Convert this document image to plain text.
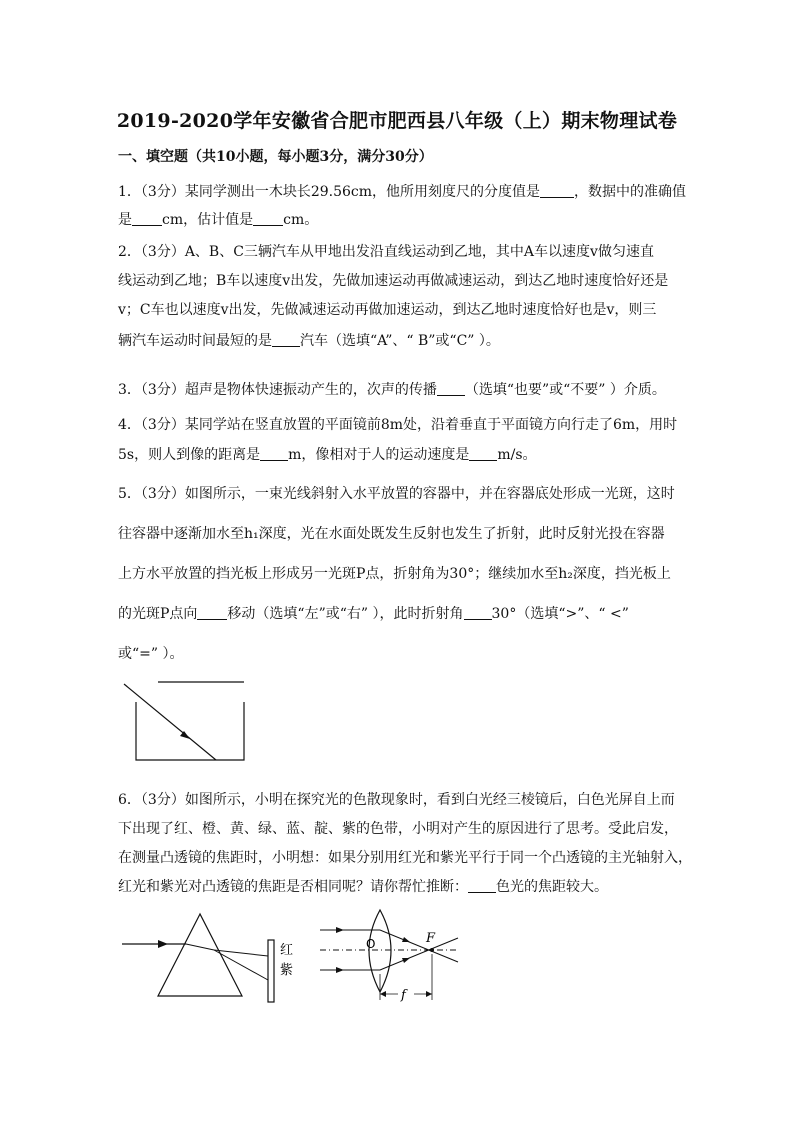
2019-2020学年安徽省合肥市肥西县八年级（上）期末物理试卷
一、填空题（共10小题，每小题3分，满分30分）

1．（3分）某同学测出一木块长29.56cm，他所用刻度尺的分度值是 ，数据中的准确值

是 cm，估计值是 cm。

2．（3分）A、B、C三辆汽车从甲地出发沿直线运动到乙地，其中A车以速度v做匀速直

线运动到乙地；B车以速度v出发，先做加速运动再做减速运动，到达乙地时速度恰好还是

v；C车也以速度v出发，先做减速运动再做加速运动，到达乙地时速度恰好也是v，则三

辆汽车运动时间最短的是 汽车（选填“A”、“ B”或“C” ）。

3．（3分）超声是物体快速振动产生的，次声的传播 （选填“也要”或“不要” ）介质。

4．（3分）某同学站在竖直放置的平面镜前8m处，沿着垂直于平面镜方向行走了6m，用时

5s，则人到像的距离是 m，像相对于人的运动速度是 m/s。

5．（3分）如图所示，一束光线斜射入水平放置的容器中，并在容器底处形成一光斑，这时

往容器中逐渐加水至h₁深度，光在水面处既发生反射也发生了折射，此时反射光投在容器

上方水平放置的挡光板上形成另一光斑P点，折射角为30°；继续加水至h₂深度，挡光板上

的光斑P点向 移动（选填“左”或“右” ），此时折射角 30°（选填“>”、“ <”

或“=” ）。

6．（3分）如图所示，小明在探究光的色散现象时，看到白光经三棱镜后，白色光屏自上而

下出现了红、橙、黄、绿、蓝、靛、紫的色带，小明对产生的原因进行了思考。受此启发，

在测量凸透镜的焦距时，小明想：如果分别用红光和紫光平行于同一个凸透镜的主光轴射入，

红光和紫光对凸透镜的焦距是否相同呢？请你帮忙推断： 色光的焦距较大。

红
紫
O	F
f
